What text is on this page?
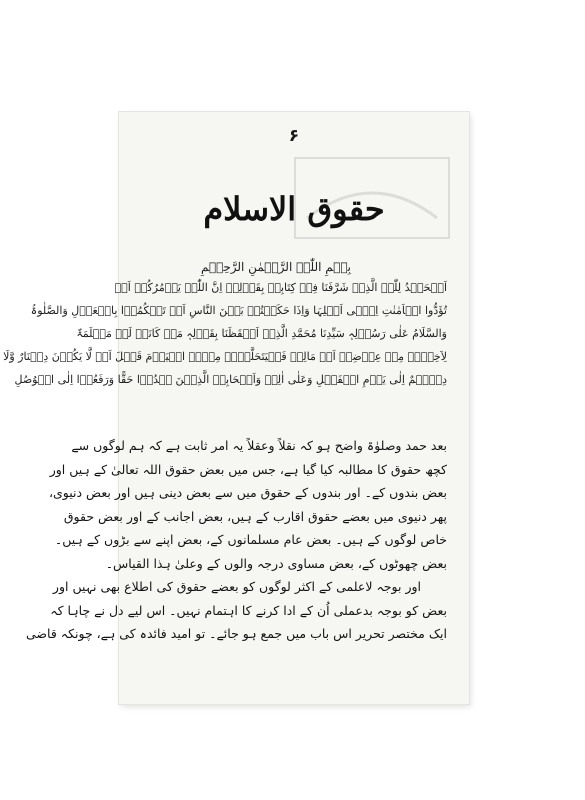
۶
حقوق الاسلام
بِسۡمِ اللّٰہِ الرَّحۡمٰنِ الرَّحِیۡمِ
اَلۡحَمۡدُ لِلّٰہِ الَّذِیۡ شَرَّفَنَا فِیۡ کِتَابِہٖ بِقَوۡلِہٖ اِنَّ اللّٰہَ یَاۡمُرُکُمۡ اَنۡ
تُؤَدُّوا الۡاَمٰنٰتِ اِلٰۤی اَہۡلِہَا وَاِذَا حَکَمۡتُمۡ بَیۡنَ النَّاسِ اَنۡ تَحۡکُمُوۡا بِالۡعَدۡلِ وَالصَّلٰوۃُ
وَالسَّلَامُ عَلٰی رَسُوۡلِہٖ سَیِّدِنَا مُحَمَّدِ الَّذِیۡ اَیۡقَظَنَا بِقَوۡلِہٖ مَنۡ کَانَتۡ لَہٗ مَظۡلَمَۃٌ
لِاَخِیۡہِ مِنۡ عِرۡضِہٖ اَوۡ مَالِہٖ فَلۡیَتَحَلَّلۡہُ مِنۡہُ الۡیَوۡمَ قَبۡلَ اَنۡ لَّا یَکُوۡنَ دِیۡنَارٌ وَّلَا
دِرۡہَمٌ اِلٰی یَوۡمِ الۡفَضۡلِ وَعَلٰی اٰلِہٖ وَاَصۡحَابِہِ الَّذِیۡنَ ہَدُوۡا حَقًّا وَرَفَعُوۡا اِلٰی الۡوُصُلِ
بعد حمد وصلوٰۃ واضح ہو کہ نقلاً وعقلاً یہ امر ثابت ہے کہ ہم لوگوں سے
کچھ حقوق کا مطالبہ کیا گیا ہے، جس میں بعض حقوق اللہ تعالیٰ کے ہیں اور
بعض بندوں کے۔ اور بندوں کے حقوق میں سے بعض دینی ہیں اور بعض دنیوی،
پھر دنیوی میں بعضے حقوق اقارب کے ہیں، بعض اجانب کے اور بعض حقوق
خاص لوگوں کے ہیں۔ بعض عام مسلمانوں کے، بعض اپنے سے بڑوں کے ہیں۔
بعض چھوٹوں کے، بعض مساوی درجہ والوں کے وعلیٰ ہذا القیاس۔
اور بوجہ لاعلمی کے اکثر لوگوں کو بعضے حقوق کی اطلاع بھی نہیں اور
بعض کو بوجہ بدعملی اُن کے ادا کرنے کا اہتمام نہیں۔ اس لیے دل نے چاہا کہ
ایک مختصر تحریر اس باب میں جمع ہو جائے۔ تو امید فائدہ کی ہے، چونکہ قاضی
